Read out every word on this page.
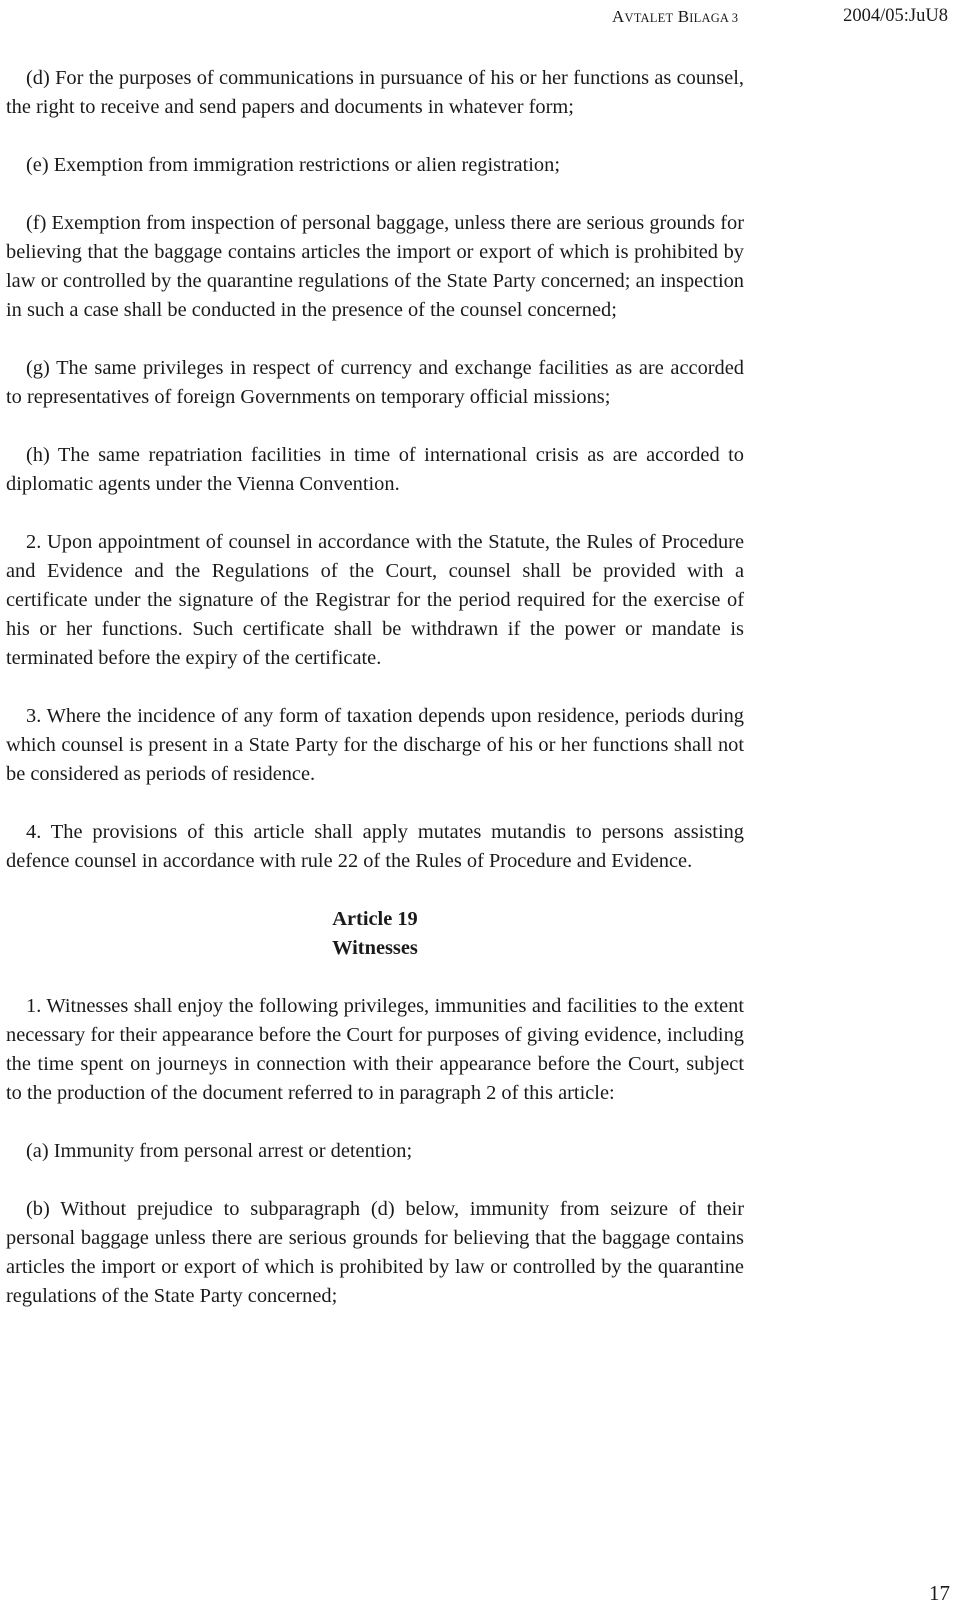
AVTALET BILAGA 3	2004/05:JuU8

(d) For the purposes of communications in pursuance of his or her functions as counsel, the right to receive and send papers and documents in whatever form;

(e) Exemption from immigration restrictions or alien registration;

(f) Exemption from inspection of personal baggage, unless there are serious grounds for believing that the baggage contains articles the import or export of which is prohibited by law or controlled by the quarantine regulations of the State Party concerned; an inspection in such a case shall be conducted in the presence of the counsel concerned;

(g) The same privileges in respect of currency and exchange facilities as are accorded to representatives of foreign Governments on temporary official missions;

(h) The same repatriation facilities in time of international crisis as are accorded to diplomatic agents under the Vienna Convention.

2. Upon appointment of counsel in accordance with the Statute, the Rules of Procedure and Evidence and the Regulations of the Court, counsel shall be provided with a certificate under the signature of the Registrar for the period required for the exercise of his or her functions. Such certificate shall be withdrawn if the power or mandate is terminated before the expiry of the certificate.

3. Where the incidence of any form of taxation depends upon residence, periods during which counsel is present in a State Party for the discharge of his or her functions shall not be considered as periods of residence.

4. The provisions of this article shall apply mutates mutandis to persons assisting defence counsel in accordance with rule 22 of the Rules of Procedure and Evidence.

Article 19
Witnesses

1. Witnesses shall enjoy the following privileges, immunities and facilities to the extent necessary for their appearance before the Court for purposes of giving evidence, including the time spent on journeys in connection with their appearance before the Court, subject to the production of the document referred to in paragraph 2 of this article:

(a) Immunity from personal arrest or detention;

(b) Without prejudice to subparagraph (d) below, immunity from seizure of their personal baggage unless there are serious grounds for believing that the baggage contains articles the import or export of which is prohibited by law or controlled by the quarantine regulations of the State Party concerned;

17
